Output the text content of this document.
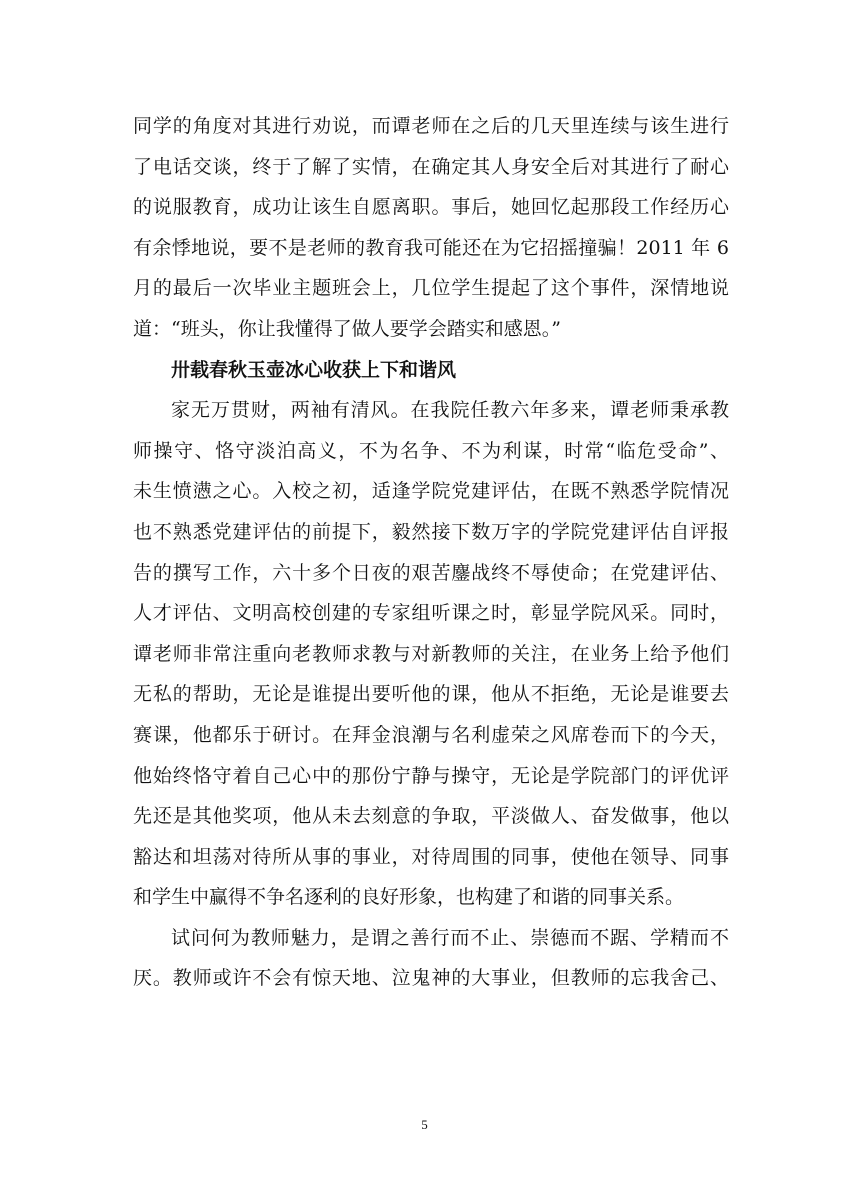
同学的角度对其进行劝说，而谭老师在之后的几天里连续与该生进行
了电话交谈，终于了解了实情，在确定其人身安全后对其进行了耐心
的说服教育，成功让该生自愿离职。事后，她回忆起那段工作经历心
有余悸地说，要不是老师的教育我可能还在为它招摇撞骗！2011 年 6
月的最后一次毕业主题班会上，几位学生提起了这个事件，深情地说
道：“班头，你让我懂得了做人要学会踏实和感恩。”
卅载春秋玉壶冰心收获上下和谐风
家无万贯财，两袖有清风。在我院任教六年多来，谭老师秉承教
师操守、恪守淡泊高义，不为名争、不为利谋，时常“临危受命”、
未生愤懑之心。入校之初，适逢学院党建评估，在既不熟悉学院情况
也不熟悉党建评估的前提下，毅然接下数万字的学院党建评估自评报
告的撰写工作，六十多个日夜的艰苦鏖战终不辱使命；在党建评估、
人才评估、文明高校创建的专家组听课之时，彰显学院风采。同时，
谭老师非常注重向老教师求教与对新教师的关注，在业务上给予他们
无私的帮助，无论是谁提出要听他的课，他从不拒绝，无论是谁要去
赛课，他都乐于研讨。在拜金浪潮与名利虚荣之风席卷而下的今天，
他始终恪守着自己心中的那份宁静与操守，无论是学院部门的评优评
先还是其他奖项，他从未去刻意的争取，平淡做人、奋发做事，他以
豁达和坦荡对待所从事的事业，对待周围的同事，使他在领导、同事
和学生中赢得不争名逐利的良好形象，也构建了和谐的同事关系。
试问何为教师魅力，是谓之善行而不止、崇德而不踞、学精而不
厌。教师或许不会有惊天地、泣鬼神的大事业，但教师的忘我舍己、
5
